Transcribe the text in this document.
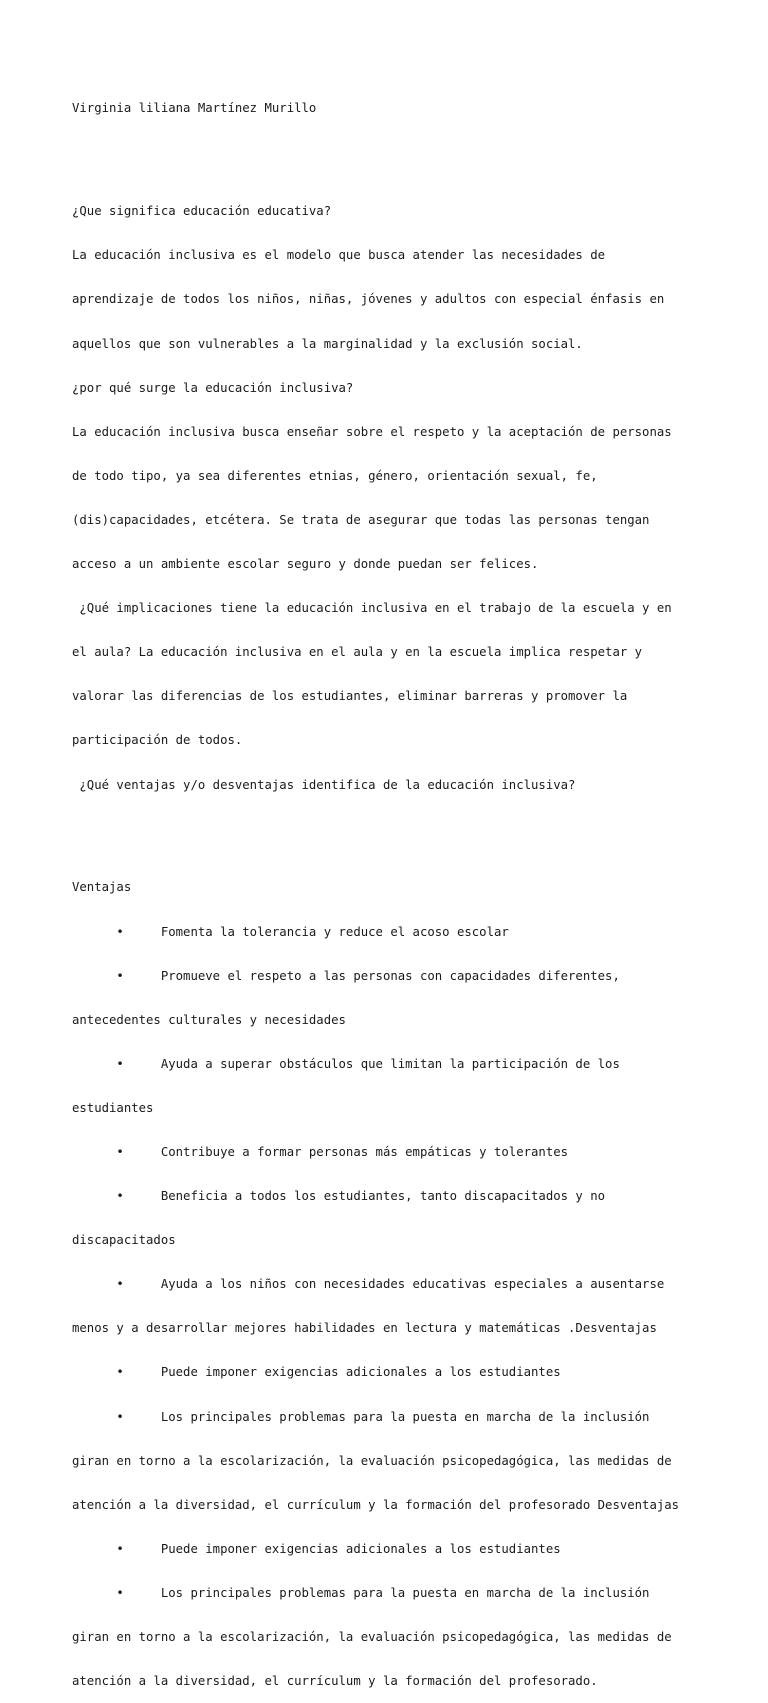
Virginia liliana Martínez Murillo

¿Que significa educación educativa?

La educación inclusiva es el modelo que busca atender las necesidades de

aprendizaje de todos los niños, niñas, jóvenes y adultos con especial énfasis en

aquellos que son vulnerables a la marginalidad y la exclusión social.

¿por qué surge la educación inclusiva?

La educación inclusiva busca enseñar sobre el respeto y la aceptación de personas

de todo tipo, ya sea diferentes etnias, género, orientación sexual, fe,

(dis)capacidades, etcétera. Se trata de asegurar que todas las personas tengan

acceso a un ambiente escolar seguro y donde puedan ser felices.

¿Qué implicaciones tiene la educación inclusiva en el trabajo de la escuela y en

el aula? La educación inclusiva en el aula y en la escuela implica respetar y

valorar las diferencias de los estudiantes, eliminar barreras y promover la

participación de todos.

¿Qué ventajas y/o desventajas identifica de la educación inclusiva?

Ventajas

•     Fomenta la tolerancia y reduce el acoso escolar

•     Promueve el respeto a las personas con capacidades diferentes,

antecedentes culturales y necesidades

•     Ayuda a superar obstáculos que limitan la participación de los

estudiantes

•     Contribuye a formar personas más empáticas y tolerantes

•     Beneficia a todos los estudiantes, tanto discapacitados y no

discapacitados

•     Ayuda a los niños con necesidades educativas especiales a ausentarse

menos y a desarrollar mejores habilidades en lectura y matemáticas .Desventajas

•     Puede imponer exigencias adicionales a los estudiantes

•     Los principales problemas para la puesta en marcha de la inclusión

giran en torno a la escolarización, la evaluación psicopedagógica, las medidas de

atención a la diversidad, el currículum y la formación del profesorado Desventajas

•     Puede imponer exigencias adicionales a los estudiantes

•     Los principales problemas para la puesta en marcha de la inclusión

giran en torno a la escolarización, la evaluación psicopedagógica, las medidas de

atención a la diversidad, el currículum y la formación del profesorado.
